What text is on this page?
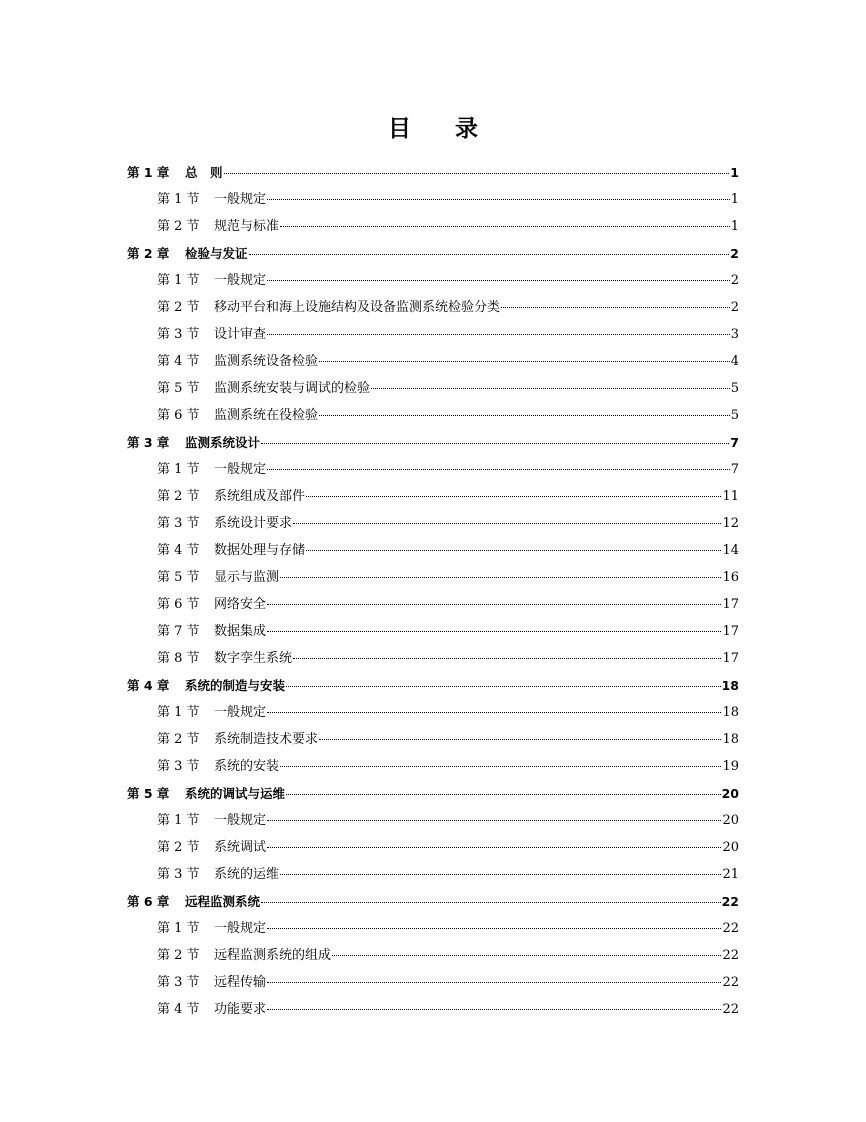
目 录
第 1 章	总　则	1
第 1 节	一般规定	1
第 2 节	规范与标准	1
第 2 章	检验与发证	2
第 1 节	一般规定	2
第 2 节	移动平台和海上设施结构及设备监测系统检验分类	2
第 3 节	设计审查	3
第 4 节	监测系统设备检验	4
第 5 节	监测系统安装与调试的检验	5
第 6 节	监测系统在役检验	5
第 3 章	监测系统设计	7
第 1 节	一般规定	7
第 2 节	系统组成及部件	11
第 3 节	系统设计要求	12
第 4 节	数据处理与存储	14
第 5 节	显示与监测	16
第 6 节	网络安全	17
第 7 节	数据集成	17
第 8 节	数字孪生系统	17
第 4 章	系统的制造与安装	18
第 1 节	一般规定	18
第 2 节	系统制造技术要求	18
第 3 节	系统的安装	19
第 5 章	系统的调试与运维	20
第 1 节	一般规定	20
第 2 节	系统调试	20
第 3 节	系统的运维	21
第 6 章	远程监测系统	22
第 1 节	一般规定	22
第 2 节	远程监测系统的组成	22
第 3 节	远程传输	22
第 4 节	功能要求	22
